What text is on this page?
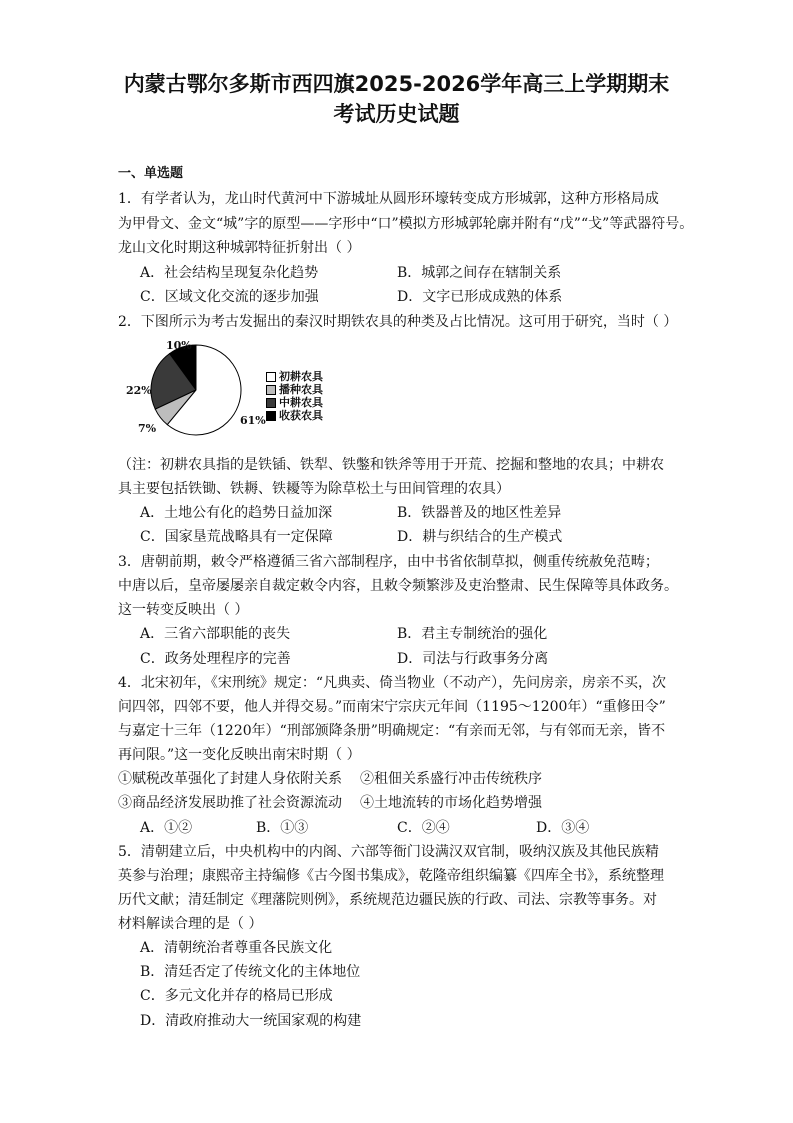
内蒙古鄂尔多斯市西四旗2025-2026学年高三上学期期末
考试历史试题
一、单选题
1．有学者认为，龙山时代黄河中下游城址从圆形环壕转变成方形城郭，这种方形格局成
为甲骨文、金文“城”字的原型——字形中“口”模拟方形城郭轮廓并附有“戊”“戈”等武器符号。
龙山文化时期这种城郭特征折射出（ ）
A．社会结构呈现复杂化趋势	B．城郭之间存在辖制关系
C．区域文化交流的逐步加强	D．文字已形成成熟的体系
2．下图所示为考古发掘出的秦汉时期铁农具的种类及占比情况。这可用于研究，当时（ ）
10%
22%
7%
61%
初耕农具
播种农具
中耕农具
收获农具
（注：初耕农具指的是铁锸、铁犁、铁鐅和铁斧等用于开荒、挖掘和整地的农具；中耕农
具主要包括铁锄、铁耨、铁耰等为除草松土与田间管理的农具）
A．土地公有化的趋势日益加深	B．铁器普及的地区性差异
C．国家垦荒战略具有一定保障	D．耕与织结合的生产模式
3．唐朝前期，敕令严格遵循三省六部制程序，由中书省依制草拟，侧重传统赦免范畴；
中唐以后，皇帝屡屡亲自裁定敕令内容，且敕令频繁涉及吏治整肃、民生保障等具体政务。
这一转变反映出（ ）
A．三省六部职能的丧失	B．君主专制统治的强化
C．政务处理程序的完善	D．司法与行政事务分离
4．北宋初年，《宋刑统》规定：“凡典卖、倚当物业（不动产），先问房亲，房亲不买，次
问四邻，四邻不要，他人并得交易。”而南宋宁宗庆元年间（1195～1200年）“重修田令”
与嘉定十三年（1220年）“刑部颁降条册”明确规定：“有亲而无邻，与有邻而无亲，皆不
再问限。”这一变化反映出南宋时期（ ）
①赋税改革强化了封建人身依附关系 ②租佃关系盛行冲击传统秩序
③商品经济发展助推了社会资源流动 ④土地流转的市场化趋势增强
A．①②	B．①③	C．②④	D．③④
5．清朝建立后，中央机构中的内阁、六部等衙门设满汉双官制，吸纳汉族及其他民族精
英参与治理；康熙帝主持编修《古今图书集成》，乾隆帝组织编纂《四库全书》，系统整理
历代文献；清廷制定《理藩院则例》，系统规范边疆民族的行政、司法、宗教等事务。对
材料解读合理的是（ ）
A．清朝统治者尊重各民族文化
B．清廷否定了传统文化的主体地位
C．多元文化并存的格局已形成
D．清政府推动大一统国家观的构建
